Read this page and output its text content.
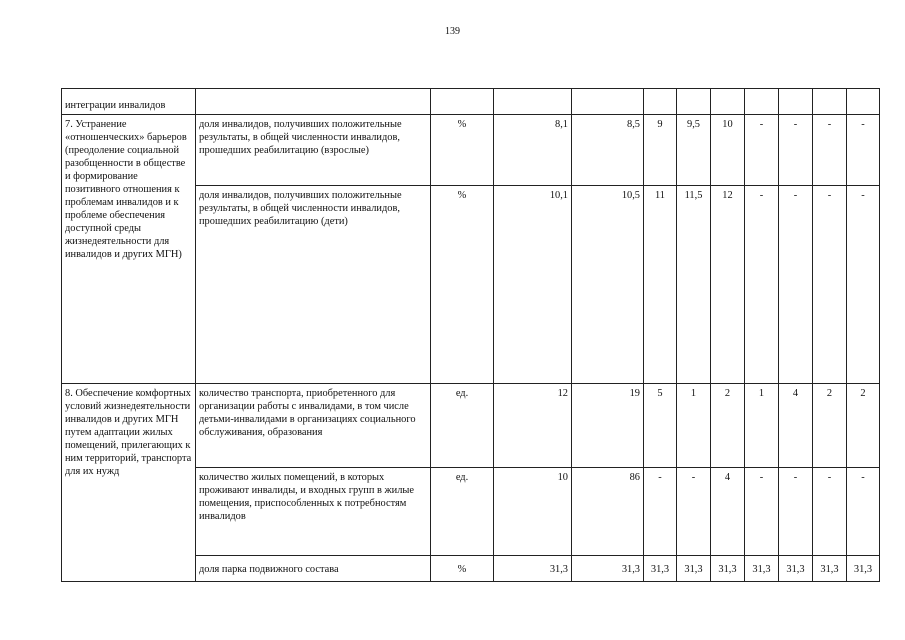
139
интеграции инвалидов											
7. Устранение «отношенческих» барьеров (преодоление социальной разобщенности в обществе и формирование позитивного отношения к проблемам инвалидов и к проблеме обеспечения доступной среды жизнедеятельности для инвалидов и других МГН)	доля инвалидов, получивших положительные результаты, в общей численности инвалидов, прошедших реабилитацию (взрослые)	%	8,1	8,5	9	9,5	10	-	-	-	-
	доля инвалидов, получивших положительные результаты, в общей численности инвалидов, прошедших реабилитацию (дети)	%	10,1	10,5	11	11,5	12	-	-	-	-
8. Обеспечение комфортных условий жизнедеятельности инвалидов и других МГН путем адаптации жилых помещений, прилегающих к ним территорий, транспорта для их нужд	количество транспорта, приобретенного для организации работы с инвалидами, в том числе детьми-инвалидами в организациях социального обслуживания, образования	ед.	12	19	5	1	2	1	4	2	2
	количество жилых помещений, в которых проживают инвалиды, и входных групп в жилые помещения, приспособленных к потребностям инвалидов	ед.	10	86	-	-	4	-	-	-	-
	доля парка подвижного состава	%	31,3	31,3	31,3	31,3	31,3	31,3	31,3	31,3	31,3
